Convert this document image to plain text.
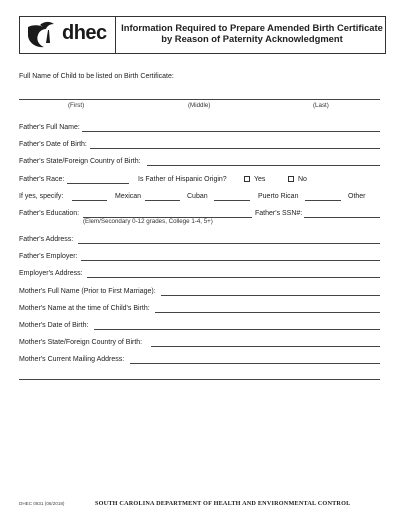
dhec	Information Required to Prepare Amended Birth Certificate
by Reason of Paternity Acknowledgment
Full Name of Child to be listed on Birth Certificate:
(First)	(Middle)	(Last)
Father's Full Name:
Father's Date of Birth:
Father's State/Foreign Country of Birth:
Father's Race:	Is Father of Hispanic Origin?	Yes	No
If yes, specify:	Mexican	Cuban	Puerto Rican	Other
Father's Education:
(Elem/Secondary 0-12 grades, College 1-4, 5+)
Father's SSN#:
Father's Address:
Father's Employer:
Employer's Address:
Mother's Full Name (Prior to First Marriage):
Mother's Name at the time of Child's Birth:
Mother's Date of Birth:
Mother's State/Foreign Country of Birth:
Mother's Current Mailing Address:
DHEC 0831 (06/2018)	SOUTH CAROLINA DEPARTMENT OF HEALTH AND ENVIRONMENTAL CONTROL
